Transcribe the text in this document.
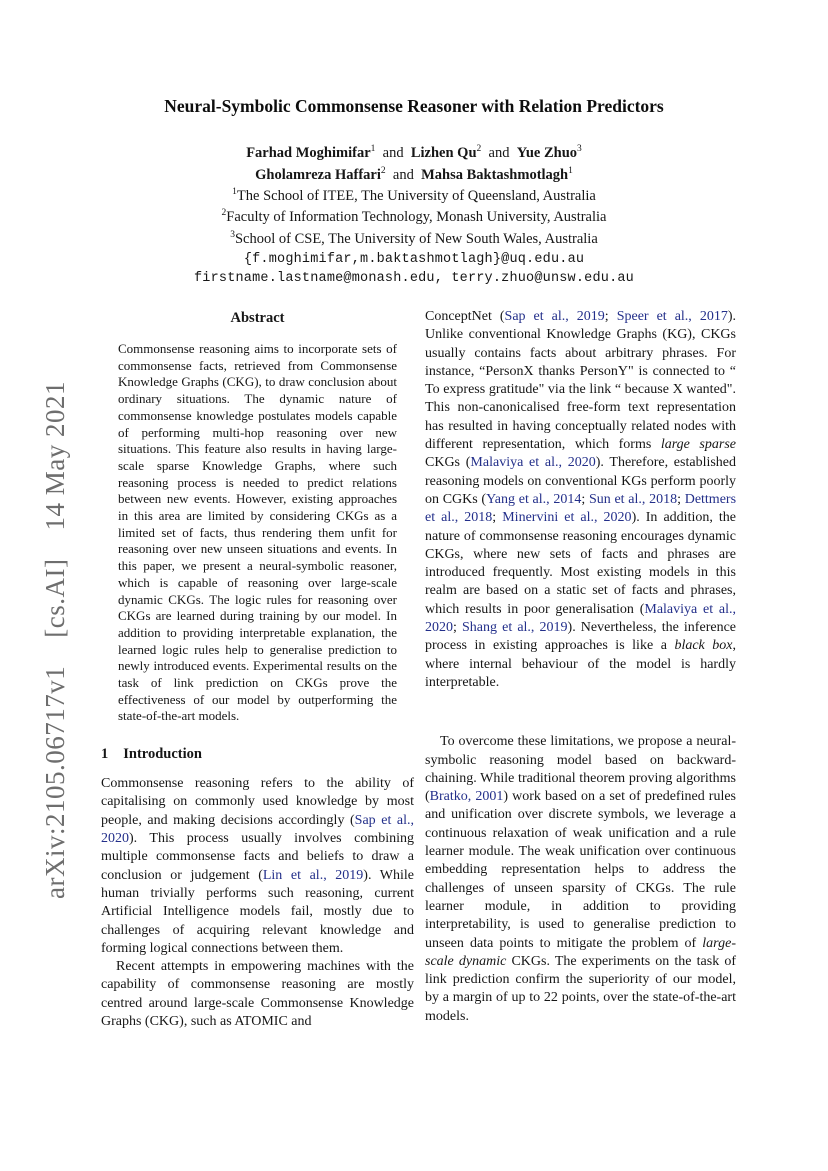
arXiv:2105.06717v1  [cs.AI]  14 May 2021
Neural-Symbolic Commonsense Reasoner with Relation Predictors
Farhad Moghimifar$^1$ and Lizhen Qu$^2$ and Yue Zhuo$^3$
Gholamreza Haffari$^2$ and Mahsa Baktashmotlagh$^1$
$^1$The School of ITEE, The University of Queensland, Australia
$^2$Faculty of Information Technology, Monash University, Australia
$^3$School of CSE, The University of New South Wales, Australia
{f.moghimifar,m.baktashmotlagh}@uq.edu.au
firstname.lastname@monash.edu, terry.zhuo@unsw.edu.au
Abstract

Commonsense reasoning aims to incorporate sets of commonsense facts, retrieved from Commonsense Knowledge Graphs (CKG), to draw conclusion about ordinary situations. The dynamic nature of commonsense knowledge postulates models capable of performing multi-hop reasoning over new situations. This feature also results in having large-scale sparse Knowledge Graphs, where such reasoning process is needed to predict relations between new events. However, existing approaches in this area are limited by considering CKGs as a limited set of facts, thus rendering them unfit for reasoning over new unseen situations and events. In this paper, we present a neural-symbolic reasoner, which is capable of reasoning over large-scale dynamic CKGs. The logic rules for reasoning over CKGs are learned during training by our model. In addition to providing interpretable explanation, the learned logic rules help to generalise prediction to newly introduced events. Experimental results on the task of link prediction on CKGs prove the effectiveness of our model by outperforming the state-of-the-art models.

1 Introduction

Commonsense reasoning refers to the ability of capitalising on commonly used knowledge by most people, and making decisions accordingly (Sap et al., 2020). This process usually involves combining multiple commonsense facts and beliefs to draw a conclusion or judgement (Lin et al., 2019). While human trivially performs such reasoning, current Artificial Intelligence models fail, mostly due to challenges of acquiring relevant knowledge and forming logical connections between them.

Recent attempts in empowering machines with the capability of commonsense reasoning are mostly centred around large-scale Commonsense Knowledge Graphs (CKG), such as ATOMIC and

ConceptNet (Sap et al., 2019; Speer et al., 2017). Unlike conventional Knowledge Graphs (KG), CKGs usually contains facts about arbitrary phrases. For instance, “PersonX thanks PersonY" is connected to “ To express gratitude" via the link “ because X wanted". This non-canonicalised free-form text representation has resulted in having conceptually related nodes with different representation, which forms large sparse CKGs (Malaviya et al., 2020). Therefore, established reasoning models on conventional KGs perform poorly on CGKs (Yang et al., 2014; Sun et al., 2018; Dettmers et al., 2018; Minervini et al., 2020). In addition, the nature of commonsense reasoning encourages dynamic CKGs, where new sets of facts and phrases are introduced frequently. Most existing models in this realm are based on a static set of facts and phrases, which results in poor generalisation (Malaviya et al., 2020; Shang et al., 2019). Nevertheless, the inference process in existing approaches is like a black box, where internal behaviour of the model is hardly interpretable.

To overcome these limitations, we propose a neural-symbolic reasoning model based on backward-chaining. While traditional theorem proving algorithms (Bratko, 2001) work based on a set of predefined rules and unification over discrete symbols, we leverage a continuous relaxation of weak unification and a rule learner module. The weak unification over continuous embedding representation helps to address the challenges of unseen sparsity of CKGs. The rule learner module, in addition to providing interpretability, is used to generalise prediction to unseen data points to mitigate the problem of large-scale dynamic CKGs. The experiments on the task of link prediction confirm the superiority of our model, by a margin of up to 22 points, over the state-of-the-art models.
